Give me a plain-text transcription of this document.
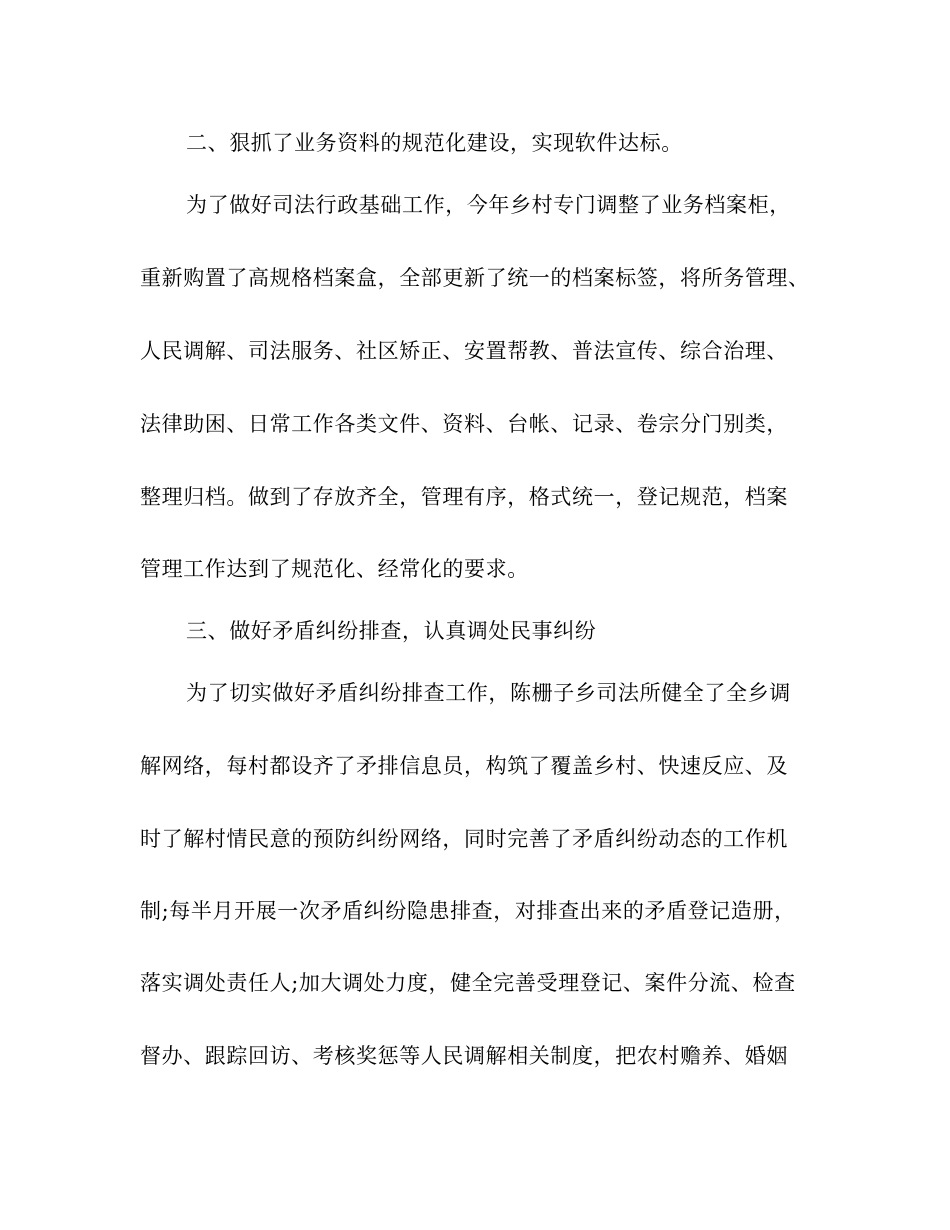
二、狠抓了业务资料的规范化建设，实现软件达标。
为了做好司法行政基础工作，今年乡村专门调整了业务档案柜，
重新购置了高规格档案盒，全部更新了统一的档案标签，将所务管理、
人民调解、司法服务、社区矫正、安置帮教、普法宣传、综合治理、
法律助困、日常工作各类文件、资料、台帐、记录、卷宗分门别类，
整理归档。做到了存放齐全，管理有序，格式统一，登记规范，档案
管理工作达到了规范化、经常化的要求。
三、做好矛盾纠纷排查，认真调处民事纠纷
为了切实做好矛盾纠纷排查工作，陈栅子乡司法所健全了全乡调
解网络，每村都设齐了矛排信息员，构筑了覆盖乡村、快速反应、及
时了解村情民意的预防纠纷网络，同时完善了矛盾纠纷动态的工作机
制;每半月开展一次矛盾纠纷隐患排查，对排查出来的矛盾登记造册，
落实调处责任人;加大调处力度，健全完善受理登记、案件分流、检查
督办、跟踪回访、考核奖惩等人民调解相关制度，把农村赡养、婚姻
